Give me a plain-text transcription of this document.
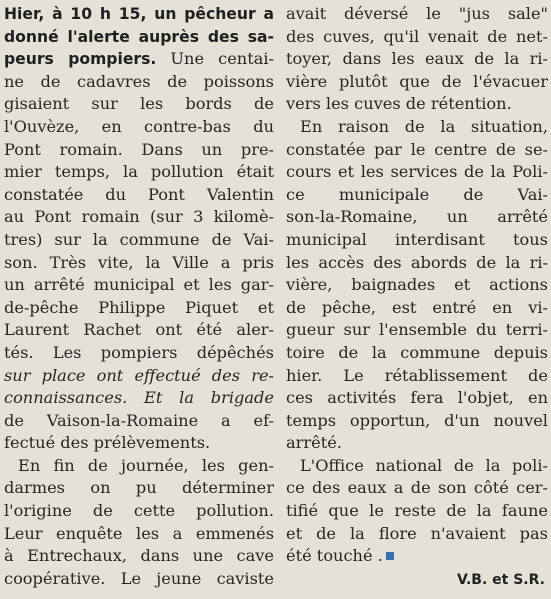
Hier, à 10 h 15, un pêcheur a
donné l'alerte auprès des sa-
peurs pompiers. Une centai-
ne de cadavres de poissons
gisaient sur les bords de
l'Ouvèze, en contre-bas du
Pont romain. Dans un pre-
mier temps, la pollution était
constatée du Pont Valentin
au Pont romain (sur 3 kilomè-
tres) sur la commune de Vai-
son. Très vite, la Ville a pris
un arrêté municipal et les gar-
de-pêche Philippe Piquet et
Laurent Rachet ont été aler-
tés. Les pompiers dépêchés
sur place ont effectué des re-
connaissances. Et la brigade
de Vaison-la-Romaine a ef-
fectué des prélèvements.
En fin de journée, les gen-
darmes on pu déterminer
l'origine de cette pollution.
Leur enquête les a emmenés
à Entrechaux, dans une cave
coopérative. Le jeune caviste
avait déversé le "jus sale"
des cuves, qu'il venait de net-
toyer, dans les eaux de la ri-
vière plutôt que de l'évacuer
vers les cuves de rétention.
En raison de la situation,
constatée par le centre de se-
cours et les services de la Poli-
ce municipale de Vai-
son-la-Romaine, un arrêté
municipal interdisant tous
les accès des abords de la ri-
vière, baignades et actions
de pêche, est entré en vi-
gueur sur l'ensemble du terri-
toire de la commune depuis
hier. Le rétablissement de
ces activités fera l'objet, en
temps opportun, d'un nouvel
arrêté.
L'Office national de la poli-
ce des eaux a de son côté cer-
tifié que le reste de la faune
et de la flore n'avaient pas
été touché .
V.B. et S.R.
